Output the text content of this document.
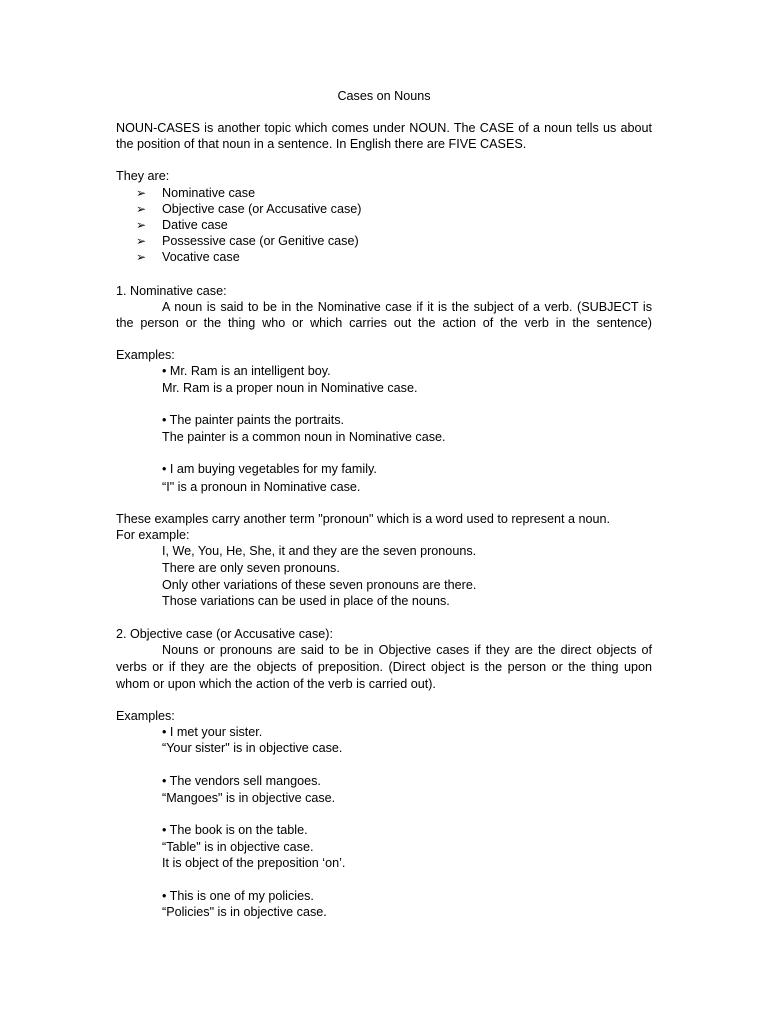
Cases on Nouns
NOUN-CASES is another topic which comes under NOUN. The CASE of a noun tells us about
the position of that noun in a sentence. In English there are FIVE CASES.
They are:
➢ Nominative case
➢ Objective case (or Accusative case)
➢ Dative case
➢ Possessive case (or Genitive case)
➢ Vocative case
1. Nominative case:
A noun is said to be in the Nominative case if it is the subject of a verb. (SUBJECT is
the person or the thing who or which carries out the action of the verb in the sentence)
Examples:
• Mr. Ram is an intelligent boy.
Mr. Ram is a proper noun in Nominative case.
• The painter paints the portraits.
The painter is a common noun in Nominative case.
• I am buying vegetables for my family.
“I" is a pronoun in Nominative case.
These examples carry another term "pronoun" which is a word used to represent a noun.
For example:
I, We, You, He, She, it and they are the seven pronouns.
There are only seven pronouns.
Only other variations of these seven pronouns are there.
Those variations can be used in place of the nouns.
2. Objective case (or Accusative case):
Nouns or pronouns are said to be in Objective cases if they are the direct objects of
verbs or if they are the objects of preposition. (Direct object is the person or the thing upon
whom or upon which the action of the verb is carried out).
Examples:
• I met your sister.
“Your sister" is in objective case.
• The vendors sell mangoes.
“Mangoes" is in objective case.
• The book is on the table.
“Table" is in objective case.
It is object of the preposition ‘on’.
• This is one of my policies.
“Policies" is in objective case.
